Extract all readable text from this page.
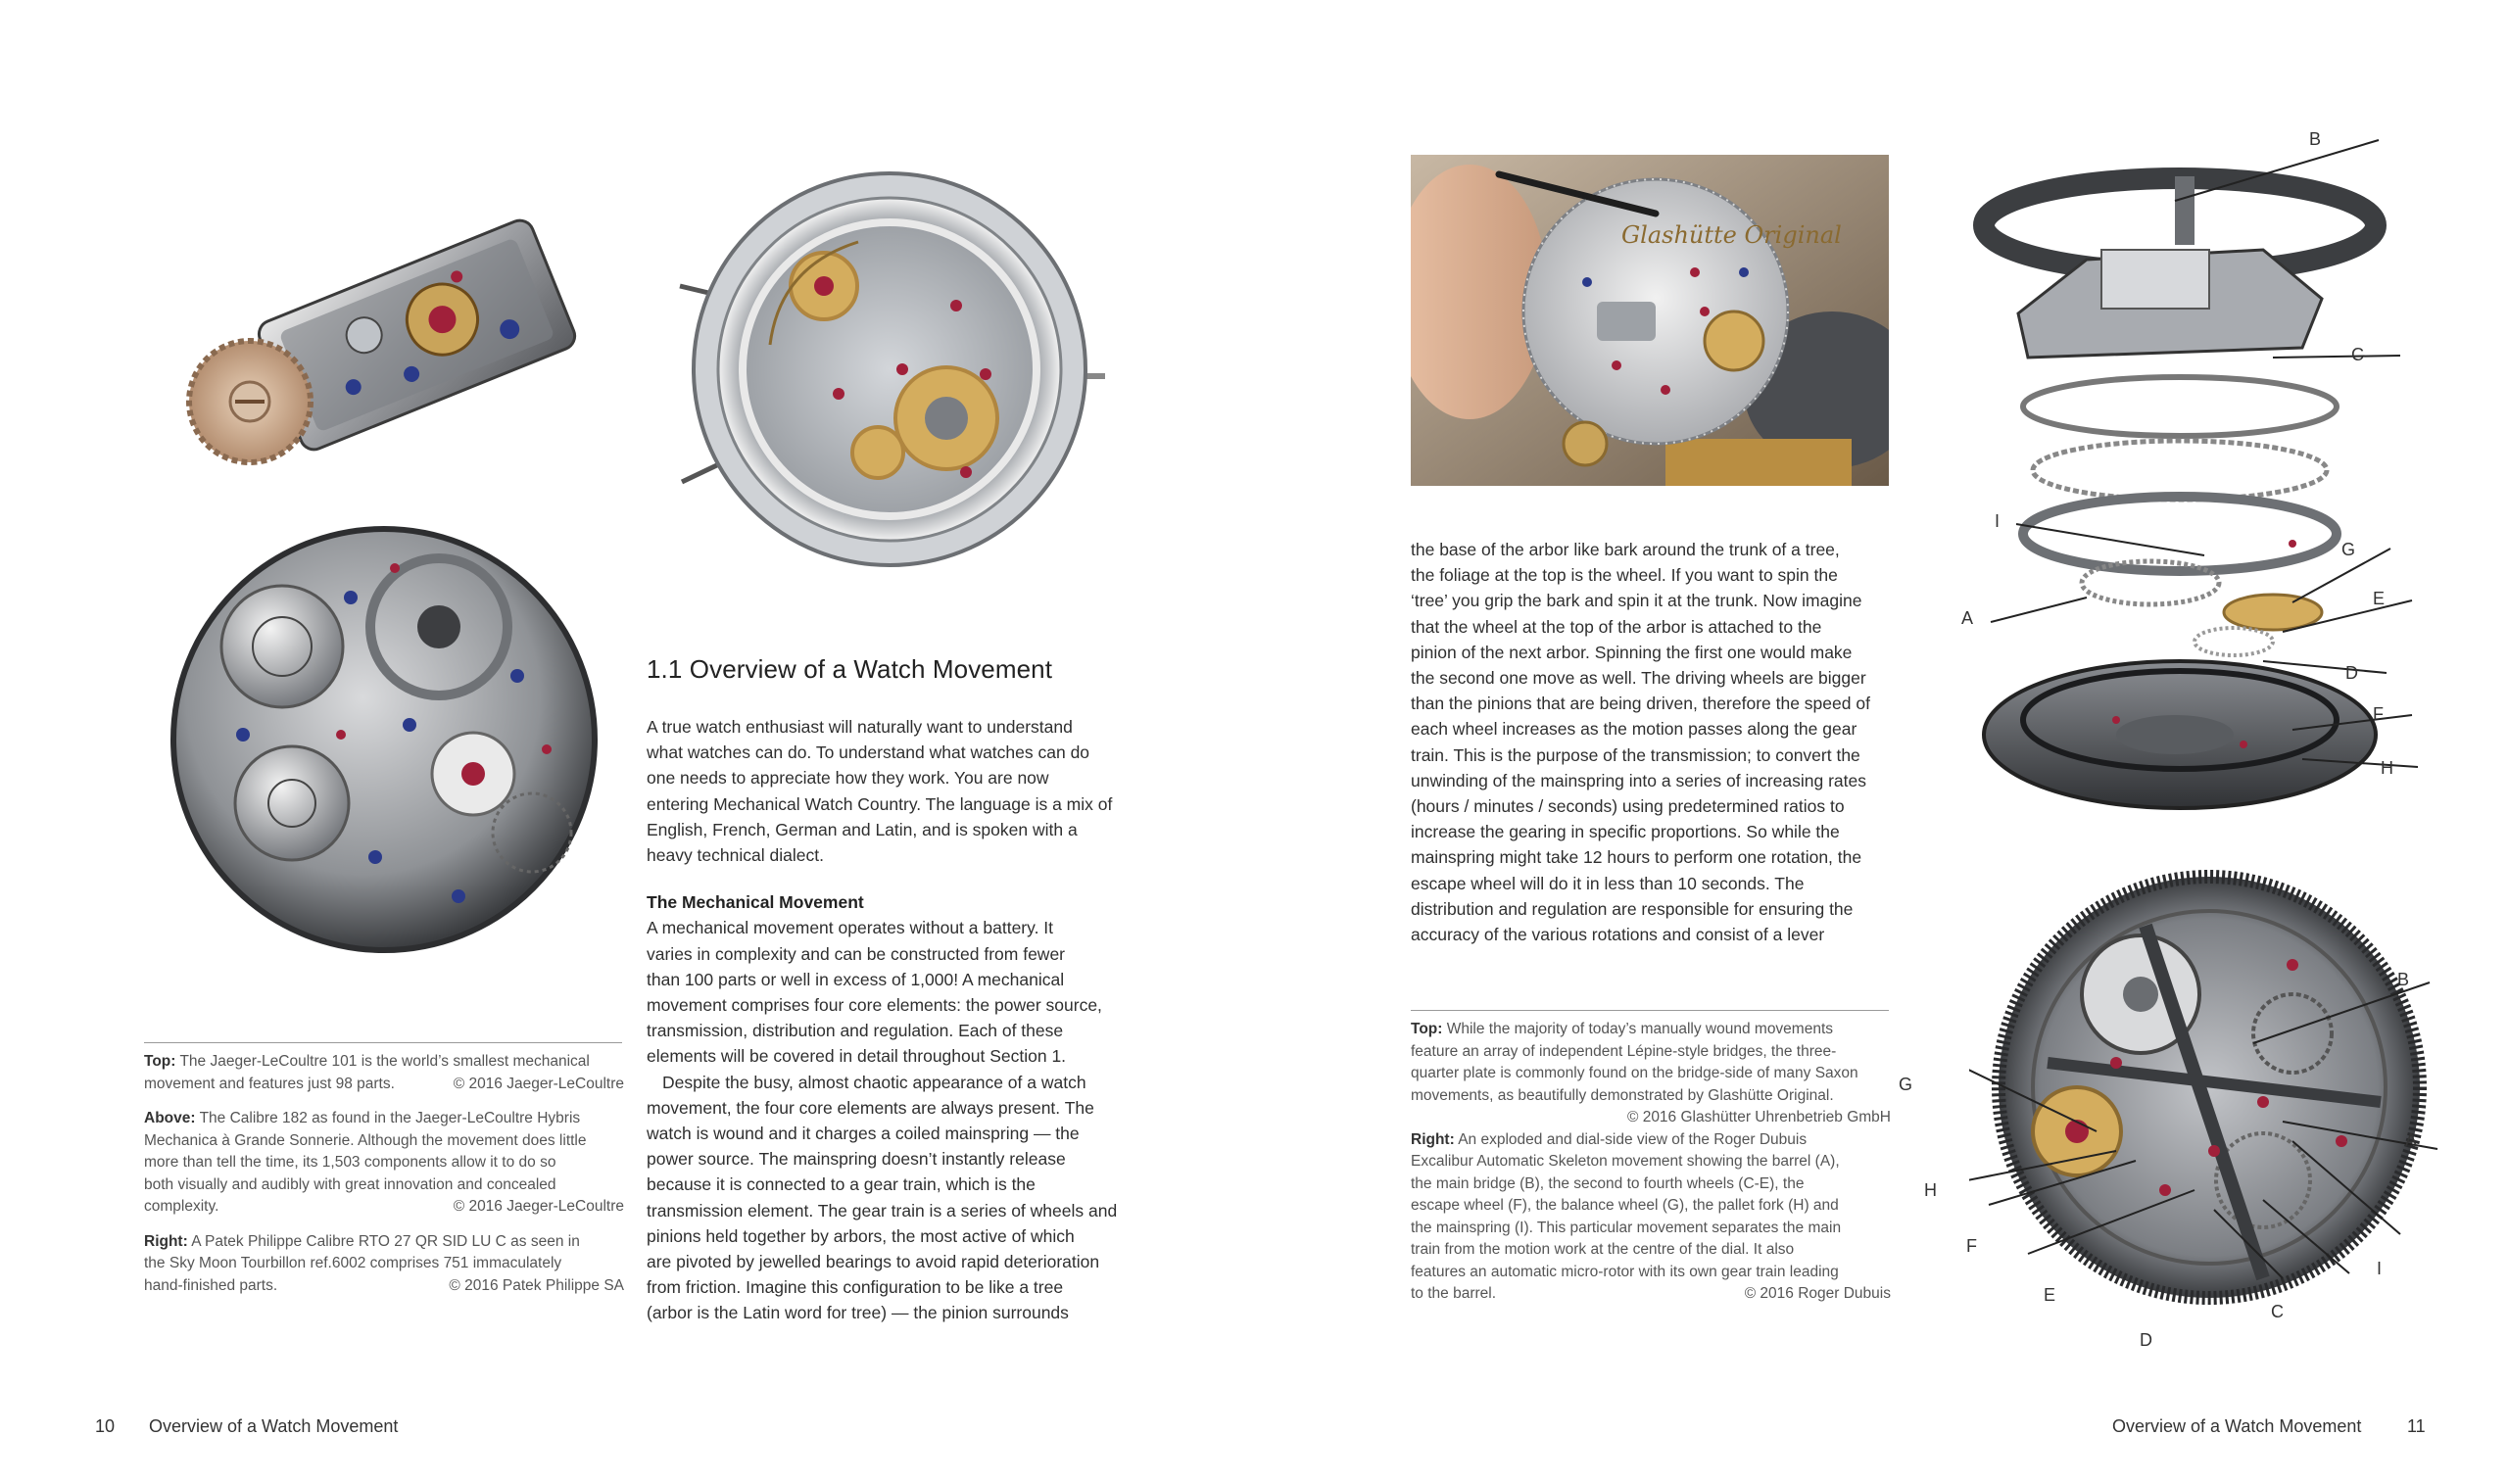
Top: The Jaeger-LeCoultre 101 is the world’s smallest mechanical
movement and features just 98 parts.	© 2016 Jaeger-LeCoultre

Above: The Calibre 182 as found in the Jaeger-LeCoultre Hybris
Mechanica à Grande Sonnerie. Although the movement does little
more than tell the time, its 1,503 components allow it to do so
both visually and audibly with great innovation and concealed
complexity.	© 2016 Jaeger-LeCoultre

Right: A Patek Philippe Calibre RTO 27 QR SID LU C as seen in
the Sky Moon Tourbillon ref.6002 comprises 751 immaculately
hand-finished parts.	© 2016 Patek Philippe SA

1.1 Overview of a Watch Movement

A true watch enthusiast will naturally want to understand

what watches can do. To understand what watches can do

one needs to appreciate how they work. You are now

entering Mechanical Watch Country. The language is a mix of

English, French, German and Latin, and is spoken with a

heavy technical dialect.

The Mechanical Movement

A mechanical movement operates without a battery. It

varies in complexity and can be constructed from fewer

than 100 parts or well in excess of 1,000! A mechanical

movement comprises four core elements: the power source,

transmission, distribution and regulation. Each of these

elements will be covered in detail throughout Section 1.

Despite the busy, almost chaotic appearance of a watch

movement, the four core elements are always present. The

watch is wound and it charges a coiled mainspring — the

power source. The mainspring doesn’t instantly release

because it is connected to a gear train, which is the

transmission element. The gear train is a series of wheels and

pinions held together by arbors, the most active of which

are pivoted by jewelled bearings to avoid rapid deterioration

from friction. Imagine this configuration to be like a tree

(arbor is the Latin word for tree) — the pinion surrounds

10 Overview of a Watch Movement
Glashütte Original

the base of the arbor like bark around the trunk of a tree,

the foliage at the top is the wheel. If you want to spin the

‘tree’ you grip the bark and spin it at the trunk. Now imagine

that the wheel at the top of the arbor is attached to the

pinion of the next arbor. Spinning the first one would make

the second one move as well. The driving wheels are bigger

than the pinions that are being driven, therefore the speed of

each wheel increases as the motion passes along the gear

train. This is the purpose of the transmission; to convert the

unwinding of the mainspring into a series of increasing rates

(hours / minutes / seconds) using predetermined ratios to

increase the gearing in specific proportions. So while the

mainspring might take 12 hours to perform one rotation, the

escape wheel will do it in less than 10 seconds. The

distribution and regulation are responsible for ensuring the

accuracy of the various rotations and consist of a lever

Top: While the majority of today’s manually wound movements
feature an array of independent Lépine-style bridges, the three-
quarter plate is commonly found on the bridge-side of many Saxon
movements, as beautifully demonstrated by Glashütte Original.

© 2016 Glashütter Uhrenbetrieb GmbH

Right: An exploded and dial-side view of the Roger Dubuis
Excalibur Automatic Skeleton movement showing the barrel (A),
the main bridge (B), the second to fourth wheels (C-E), the
escape wheel (F), the balance wheel (G), the pallet fork (H) and
the mainspring (I). This particular movement separates the main
train from the motion work at the centre of the dial. It also
features an automatic micro-rotor with its own gear train leading
to the barrel.	© 2016 Roger Dubuis

B
C
I
G
E
A
D
F
H
B
G
A
H
F
I
E
C
D
Overview of a Watch Movement	11
